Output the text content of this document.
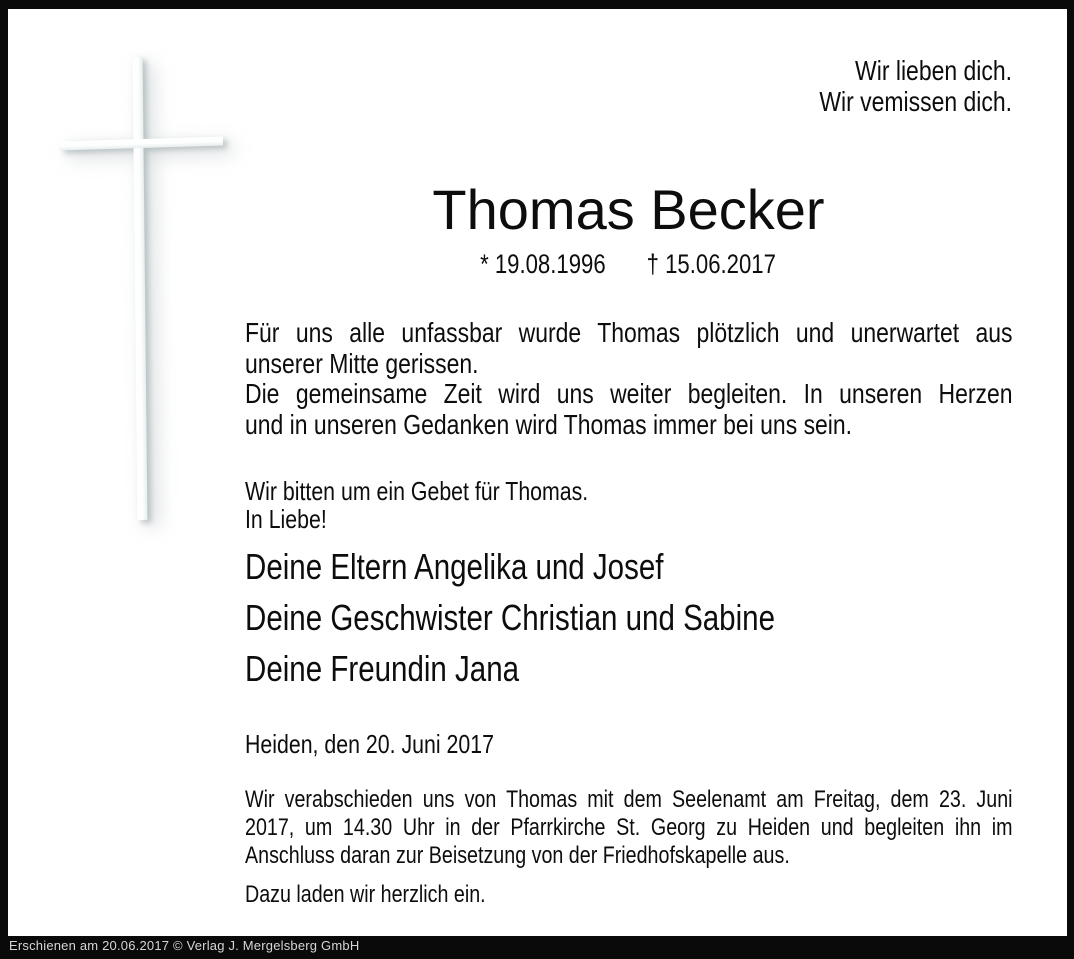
Wir lieben dich.
Wir vemissen dich.
Thomas Becker
* 19.08.1996 † 15.06.2017
Für uns alle unfassbar wurde Thomas plötzlich und unerwartet aus
unserer Mitte gerissen.
Die gemeinsame Zeit wird uns weiter begleiten. In unseren Herzen
und in unseren Gedanken wird Thomas immer bei uns sein.
Wir bitten um ein Gebet für Thomas.
In Liebe!
Deine Eltern Angelika und Josef
Deine Geschwister Christian und Sabine
Deine Freundin Jana
Heiden, den 20. Juni 2017
Wir verabschieden uns von Thomas mit dem Seelenamt am Freitag, dem 23. Juni
2017, um 14.30 Uhr in der Pfarrkirche St. Georg zu Heiden und begleiten ihn im
Anschluss daran zur Beisetzung von der Friedhofskapelle aus.
Dazu laden wir herzlich ein.
Erschienen am 20.06.2017 © Verlag J. Mergelsberg GmbH
